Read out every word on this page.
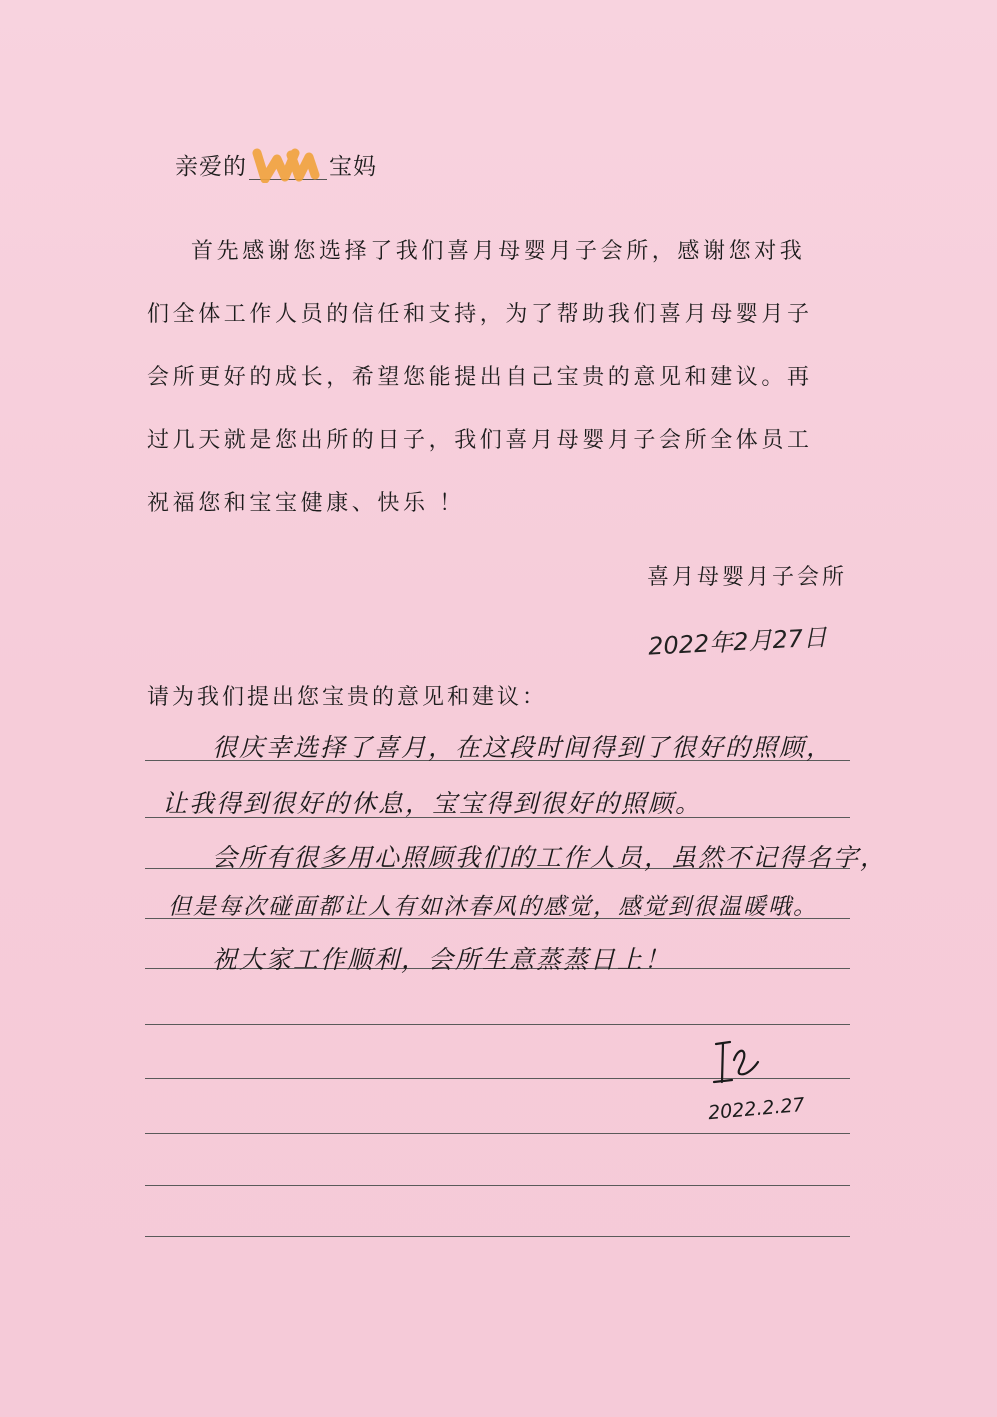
亲爱的	宝妈
首先感谢您选择了我们喜月母婴月子会所，感谢您对我
们全体工作人员的信任和支持，为了帮助我们喜月母婴月子
会所更好的成长，希望您能提出自己宝贵的意见和建议。再
过几天就是您出所的日子，我们喜月母婴月子会所全体员工
祝福您和宝宝健康、快乐 ！
喜月母婴月子会所
2022年2月27日
请为我们提出您宝贵的意见和建议：
很庆幸选择了喜月，在这段时间得到了很好的照顾，
让我得到很好的休息，宝宝得到很好的照顾。
会所有很多用心照顾我们的工作人员，虽然不记得名字，
但是每次碰面都让人有如沐春风的感觉，感觉到很温暖哦。
祝大家工作顺利，会所生意蒸蒸日上！
2022.2.27
